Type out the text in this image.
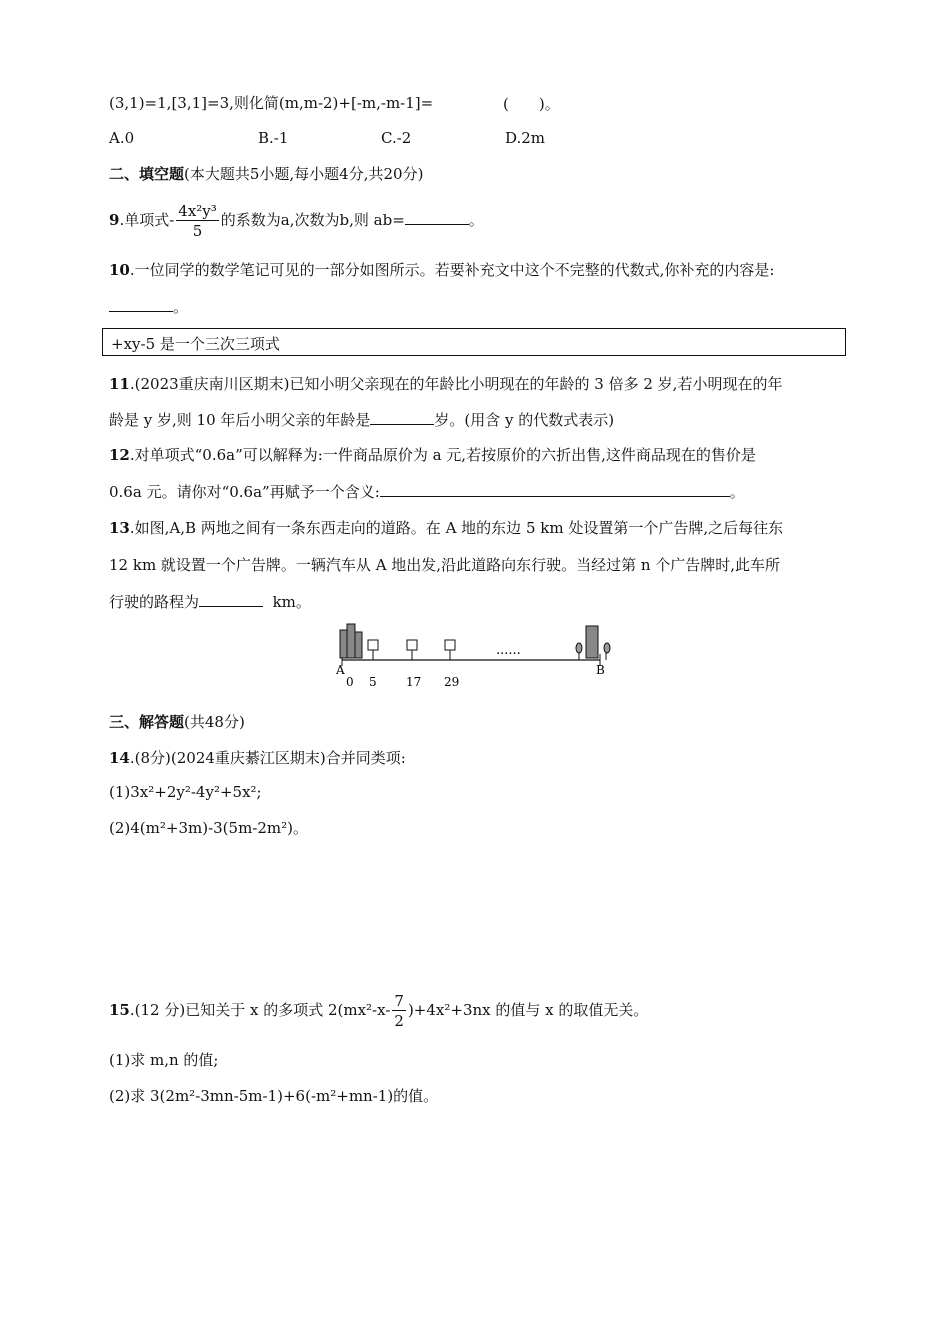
(3,1)=1,[3,1]=3,则化简(m,m-2)+[-m,-m-1]=	(　　)。
A.0	B.-1	C.-2	D.2m
二、填空题(本大题共5小题,每小题4分,共20分)
9.单项式- $\frac{\text{4x²y³}}{5}$ 的系数为a,次数为b,则 ab=	。
10.一位同学的数学笔记可见的一部分如图所示。若要补充文中这个不完整的代数式,你补充的内容是:
。
+xy-5 是一个三次三项式
11.(2023重庆南川区期末)已知小明父亲现在的年龄比小明现在的年龄的 3 倍多 2 岁,若小明现在的年
龄是 y 岁,则 10 年后小明父亲的年龄是	岁。(用含 y 的代数式表示)
12.对单项式“0.6a”可以解释为:一件商品原价为 a 元,若按原价的六折出售,这件商品现在的售价是
0.6a 元。请你对“0.6a”再赋予一个含义:	。
13.如图,A,B 两地之间有一条东西走向的道路。在 A 地的东边 5 km 处设置第一个广告牌,之后每往东
12 km 就设置一个广告牌。一辆汽车从 A 地出发,沿此道路向东行驶。当经过第 n 个广告牌时,此车所
行驶的路程为	km。
A	B
0 5 17 29
......
三、解答题(共48分)
14.(8分)(2024重庆綦江区期末)合并同类项:
(1)3x²+2y²-4y²+5x²;
(2)4(m²+3m)-3(5m-2m²)。
15.(12 分)已知关于 x 的多项式 $2(mx^2-x- \frac{7}{2} )+4x^2+3nx$ 的值与 x 的取值无关。
(1)求 m,n 的值;
(2)求 3(2m²-3mn-5m-1)+6(-m²+mn-1)的值。
